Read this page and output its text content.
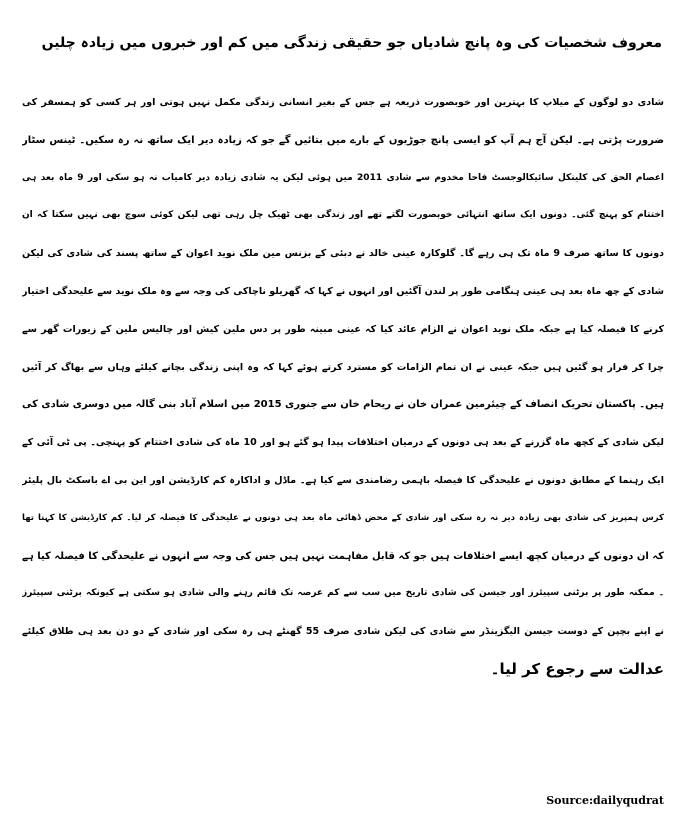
معروف شخصیات کی وہ پانچ شادیاں جو حقیقی زندگی میں کم اور خبروں میں زیادہ چلیں
شادی دو لوگوں کے میلاپ کا بہترین اور خوبصورت ذریعہ ہے جس کے بغیر انسانی زندگی مکمل نہیں ہوتی اور ہر کسی کو ہمسفر کی
ضرورت پڑتی ہے۔ لیکن آج ہم آپ کو ایسی پانچ جوڑیوں کے بارے میں بتائیں گے جو کہ زیادہ دیر ایک ساتھ نہ رہ سکیں۔ ٹینس سٹار
اعصام الحق کی کلینکل سائیکالوجسٹ فاحا مخدوم سے شادی 2011 میں ہوئی لیکن یہ شادی زیادہ دیر کامیاب نہ ہو سکی اور 9 ماہ بعد ہی
اختتام کو پہنچ گئی۔ دونوں ایک ساتھ انتہائی خوبصورت لگتے تھے اور زندگی بھی ٹھیک چل رہی تھی لیکن کوئی سوچ بھی نہیں سکتا کہ ان
دونوں کا ساتھ صرف 9 ماہ تک ہی رہے گا۔ گلوکارہ عینی خالد نے دبئی کے بزنس مین ملک نوید اعوان کے ساتھ پسند کی شادی کی لیکن
شادی کے چھ ماہ بعد ہی عینی ہنگامی طور پر لندن آگئیں اور انہوں نے کہا کہ گھریلو ناچاکی کی وجہ سے وہ ملک نوید سے علیحدگی اختیار
کرنے کا فیصلہ کیا ہے جبکہ ملک نوید اعوان نے الزام عائد کیا کہ عینی مبینہ طور پر دس ملین کیش اور چالیس ملین کے زیورات گھر سے
چرا کر فرار ہو گئیں ہیں جبکہ عینی نے ان تمام الزامات کو مسترد کرتے ہوئے کہا کہ وہ اپنی زندگی بچانے کیلئے وہاں سے بھاگ کر آئیں
ہیں۔ پاکستان تحریک انصاف کے چیئرمین عمران خان نے ریحام خان سے جنوری 2015 میں اسلام آباد بنی گالہ میں دوسری شادی کی
لیکن شادی کے کچھ ماہ گزرنے کے بعد ہی دونوں کے درمیان اختلافات پیدا ہو گئے ہو اور 10 ماہ کی شادی اختتام کو پہنچی۔ پی ٹی آئی کے
ایک رہنما کے مطابق دونوں نے علیحدگی کا فیصلہ باہمی رضامندی سے کیا ہے۔ ماڈل و اداکارہ کم کارڈیشن اور این بی اے باسکٹ بال پلیئر
کرس ہمپریز کی شادی بھی زیادہ دیر نہ رہ سکی اور شادی کے محض ڈھائی ماہ بعد ہی دونوں نے علیحدگی کا فیصلہ کر لیا۔ کم کارڈیشن کا کہنا تھا
کہ ان دونوں کے درمیان کچھ ایسے اختلافات ہیں جو کہ قابل مفاہمت نہیں ہیں جس کی وجہ سے انہوں نے علیحدگی کا فیصلہ کیا ہے
۔ ممکنہ طور پر برٹنی سپیئرز اور جیسن کی شادی تاریخ میں سب سے کم عرصہ تک قائم رہنے والی شادی ہو سکتی ہے کیونکہ برٹنی سپیئرز
نے اپنے بچپن کے دوست جیسن الیگزینڈر سے شادی کی لیکن شادی صرف 55 گھنٹے ہی رہ سکی اور شادی کے دو دن بعد ہی طلاق کیلئے
عدالت سے رجوع کر لیا۔
Source:dailyqudrat
